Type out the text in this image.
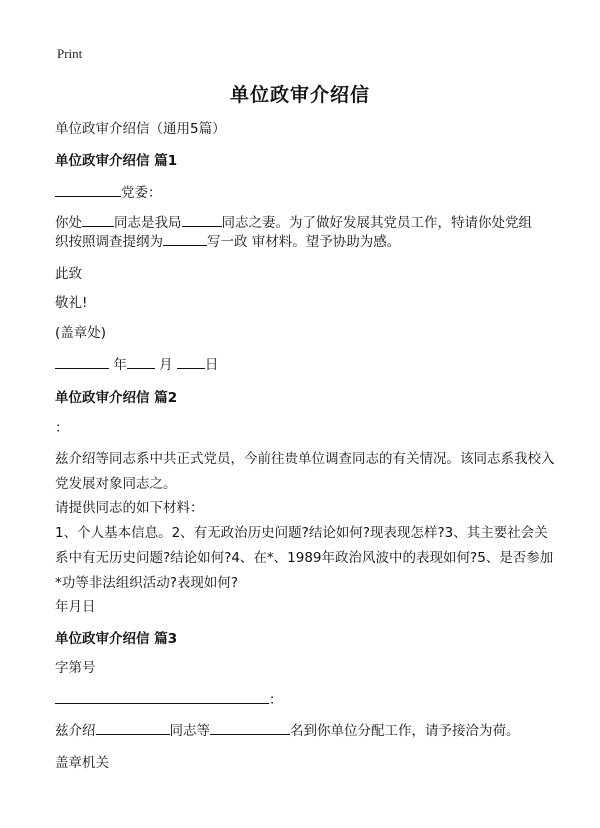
Print
单位政审介绍信
单位政审介绍信（通用5篇）
单位政审介绍信 篇1
党委：
你处 同志是我局	同志之妻。为了做好发展其党员工作，特请你处党组
织按照调查提纲为	写一政 审材料。望予协助为感。
此致
敬礼!
(盖章处)
年 月 日
单位政审介绍信 篇2
：
兹介绍等同志系中共正式党员，今前往贵单位调查同志的有关情况。该同志系我校入党发展对象同志之。
请提供同志的如下材料：
1、个人基本信息。2、有无政治历史问题?结论如何?现表现怎样?3、其主要社会关系中有无历史问题?结论如何?4、在*、1989年政治风波中的表现如何?5、是否参加*功等非法组织活动?表现如何?
年月日
单位政审介绍信 篇3
字第号
：
兹介绍	同志等	名到你单位分配工作，请予接洽为荷。
盖章机关
